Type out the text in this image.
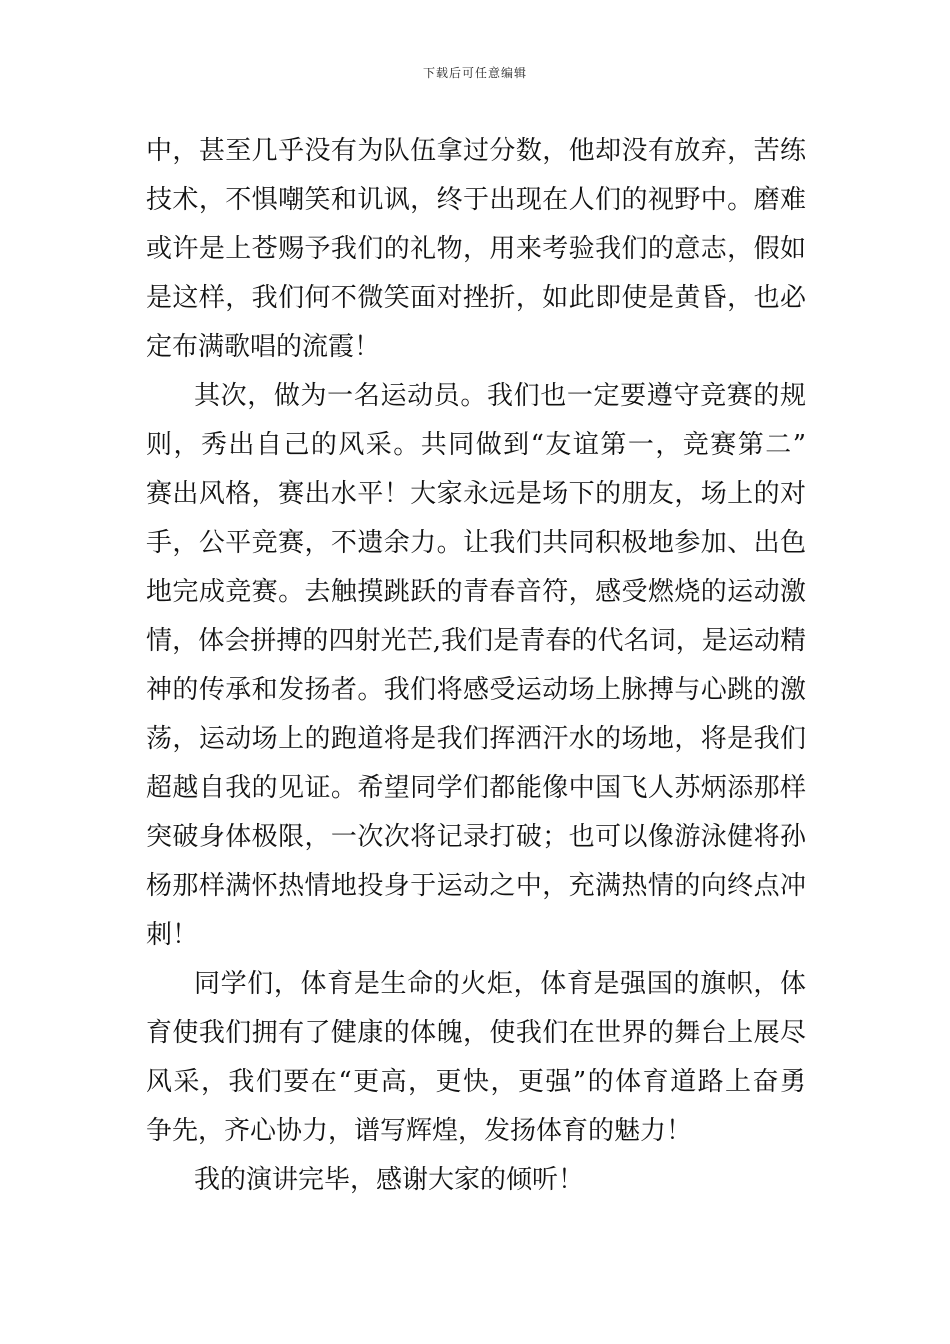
下载后可任意编辑
中，甚至几乎没有为队伍拿过分数，他却没有放弃，苦练
技术，不惧嘲笑和讥讽，终于出现在人们的视野中。磨难
或许是上苍赐予我们的礼物，用来考验我们的意志，假如
是这样，我们何不微笑面对挫折，如此即使是黄昏，也必
定布满歌唱的流霞！
其次，做为一名运动员。我们也一定要遵守竞赛的规
则，秀出自己的风采。共同做到“友谊第一，竞赛第二”
赛出风格，赛出水平！大家永远是场下的朋友，场上的对
手，公平竞赛，不遗余力。让我们共同积极地参加、出色
地完成竞赛。去触摸跳跃的青春音符，感受燃烧的运动激
情，体会拼搏的四射光芒,我们是青春的代名词，是运动精
神的传承和发扬者。我们将感受运动场上脉搏与心跳的激
荡，运动场上的跑道将是我们挥洒汗水的场地，将是我们
超越自我的见证。希望同学们都能像中国飞人苏炳添那样
突破身体极限，一次次将记录打破；也可以像游泳健将孙
杨那样满怀热情地投身于运动之中，充满热情的向终点冲
刺！
同学们，体育是生命的火炬，体育是强国的旗帜，体
育使我们拥有了健康的体魄，使我们在世界的舞台上展尽
风采，我们要在“更高，更快，更强”的体育道路上奋勇
争先，齐心协力，谱写辉煌，发扬体育的魅力！
我的演讲完毕，感谢大家的倾听！
